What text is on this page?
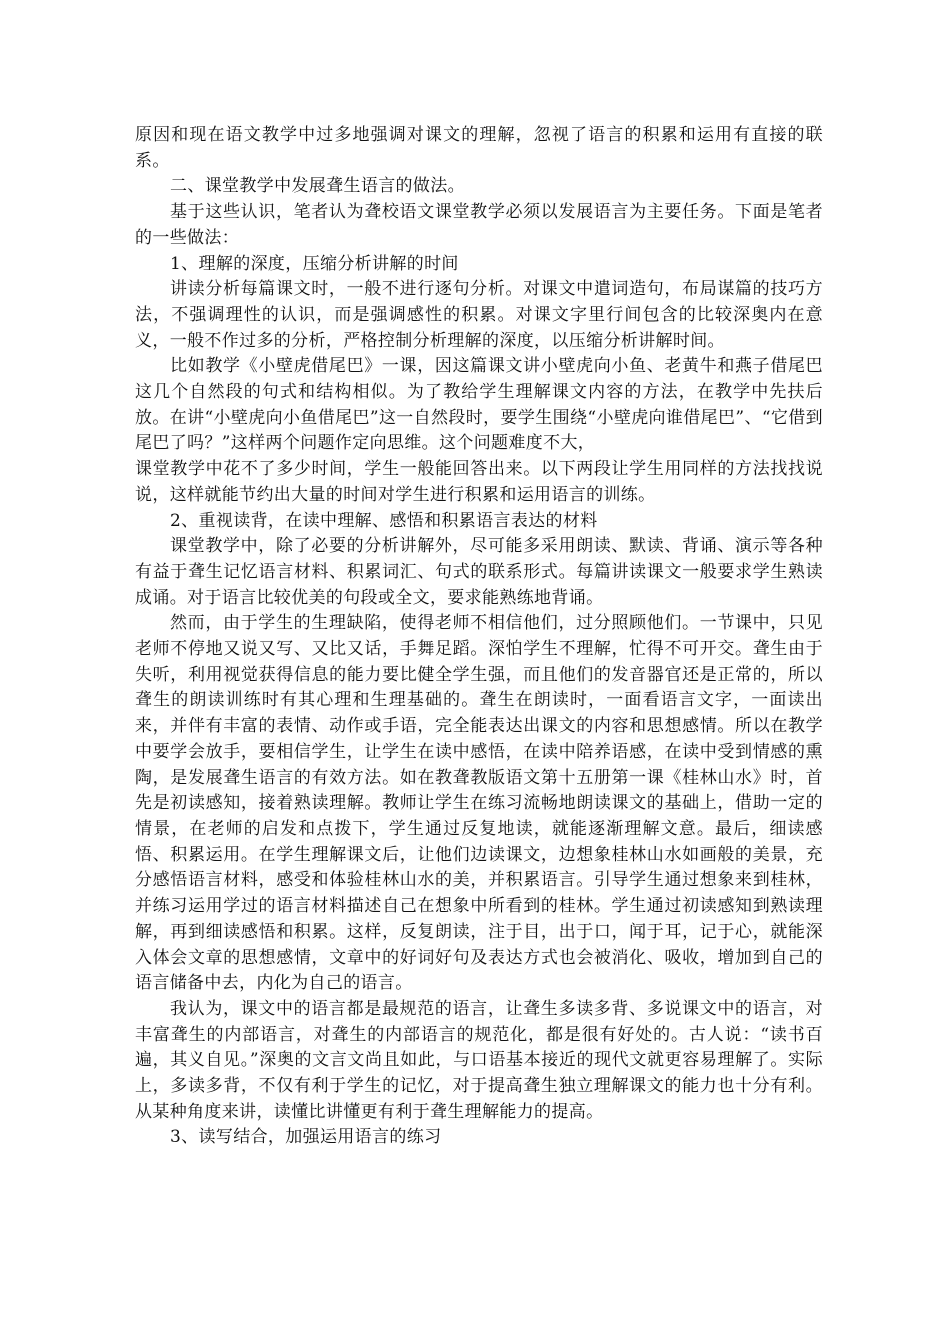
原因和现在语文教学中过多地强调对课文的理解，忽视了语言的积累和运用有直接的联系。

二、课堂教学中发展聋生语言的做法。

基于这些认识，笔者认为聋校语文课堂教学必须以发展语言为主要任务。下面是笔者的一些做法：

1、理解的深度，压缩分析讲解的时间

讲读分析每篇课文时，一般不进行逐句分析。对课文中遣词造句，布局谋篇的技巧方法，不强调理性的认识，而是强调感性的积累。对课文字里行间包含的比较深奥内在意义，一般不作过多的分析，严格控制分析理解的深度，以压缩分析讲解时间。

比如教学《小壁虎借尾巴》一课，因这篇课文讲小壁虎向小鱼、老黄牛和燕子借尾巴这几个自然段的句式和结构相似。为了教给学生理解课文内容的方法，在教学中先扶后放。在讲“小壁虎向小鱼借尾巴”这一自然段时，要学生围绕“小壁虎向谁借尾巴”、“它借到尾巴了吗？”这样两个问题作定向思维。这个问题难度不大，

课堂教学中花不了多少时间，学生一般能回答出来。以下两段让学生用同样的方法找找说说，这样就能节约出大量的时间对学生进行积累和运用语言的训练。

2、重视读背，在读中理解、感悟和积累语言表达的材料

课堂教学中，除了必要的分析讲解外，尽可能多采用朗读、默读、背诵、演示等各种有益于聋生记忆语言材料、积累词汇、句式的联系形式。每篇讲读课文一般要求学生熟读成诵。对于语言比较优美的句段或全文，要求能熟练地背诵。

然而，由于学生的生理缺陷，使得老师不相信他们，过分照顾他们。一节课中，只见老师不停地又说又写、又比又话，手舞足蹈。深怕学生不理解，忙得不可开交。聋生由于失听，利用视觉获得信息的能力要比健全学生强，而且他们的发音器官还是正常的，所以聋生的朗读训练时有其心理和生理基础的。聋生在朗读时，一面看语言文字，一面读出来，并伴有丰富的表情、动作或手语，完全能表达出课文的内容和思想感情。所以在教学中要学会放手，要相信学生，让学生在读中感悟，在读中陪养语感，在读中受到情感的熏陶，是发展聋生语言的有效方法。如在教聋教版语文第十五册第一课《桂林山水》时，首先是初读感知，接着熟读理解。教师让学生在练习流畅地朗读课文的基础上，借助一定的情景，在老师的启发和点拨下，学生通过反复地读，就能逐渐理解文意。最后，细读感悟、积累运用。在学生理解课文后，让他们边读课文，边想象桂林山水如画般的美景，充分感悟语言材料，感受和体验桂林山水的美，并积累语言。引导学生通过想象来到桂林，并练习运用学过的语言材料描述自己在想象中所看到的桂林。学生通过初读感知到熟读理解，再到细读感悟和积累。这样，反复朗读，注于目，出于口，闻于耳，记于心，就能深入体会文章的思想感情，文章中的好词好句及表达方式也会被消化、吸收，增加到自己的语言储备中去，内化为自己的语言。

我认为，课文中的语言都是最规范的语言，让聋生多读多背、多说课文中的语言，对丰富聋生的内部语言，对聋生的内部语言的规范化，都是很有好处的。古人说：“读书百遍，其义自见。”深奥的文言文尚且如此，与口语基本接近的现代文就更容易理解了。实际上，多读多背，不仅有利于学生的记忆，对于提高聋生独立理解课文的能力也十分有利。从某种角度来讲，读懂比讲懂更有利于聋生理解能力的提高。

3、读写结合，加强运用语言的练习
